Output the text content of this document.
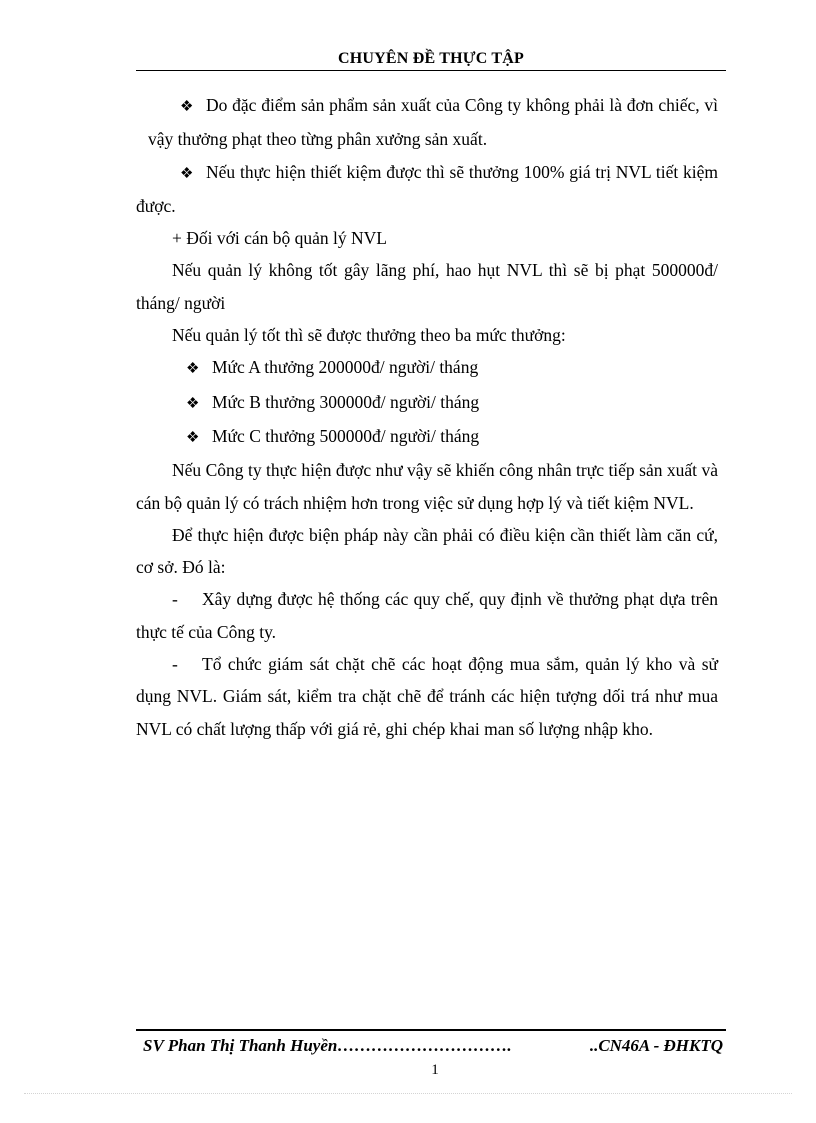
CHUYÊN ĐỀ THỰC TẬP

❖ Do đặc điểm sản phẩm sản xuất của Công ty không phải là đơn chiếc, vì vậy thưởng phạt theo từng phân xưởng sản xuất.

❖ Nếu thực hiện thiết kiệm được thì sẽ thưởng 100% giá trị NVL tiết kiệm được.

+ Đối với cán bộ quản lý NVL

Nếu quản lý không tốt gây lãng phí, hao hụt NVL thì sẽ bị phạt 500000đ/ tháng/ người

Nếu quản lý tốt thì sẽ được thưởng theo ba mức thưởng:

❖ Mức A thưởng 200000đ/ người/ tháng

❖ Mức B thưởng 300000đ/ người/ tháng

❖ Mức C thưởng 500000đ/ người/ tháng

Nếu Công ty thực hiện được như vậy sẽ khiến công nhân trực tiếp sản xuất và cán bộ quản lý có trách nhiệm hơn trong việc sử dụng hợp lý và tiết kiệm NVL.

Để thực hiện được biện pháp này cần phải có điều kiện cần thiết làm căn cứ, cơ sở. Đó là:

- Xây dựng được hệ thống các quy chế, quy định về thưởng phạt dựa trên thực tế của Công ty.

- Tổ chức giám sát chặt chẽ các hoạt động mua sắm, quản lý kho và sử dụng NVL. Giám sát, kiểm tra chặt chẽ để tránh các hiện tượng dối trá như mua NVL có chất lượng thấp với giá rẻ, ghi chép khai man số lượng nhập kho.

SV Phan Thị Thanh Huyền………………………….	..CN46A - ĐHKTQ
1
